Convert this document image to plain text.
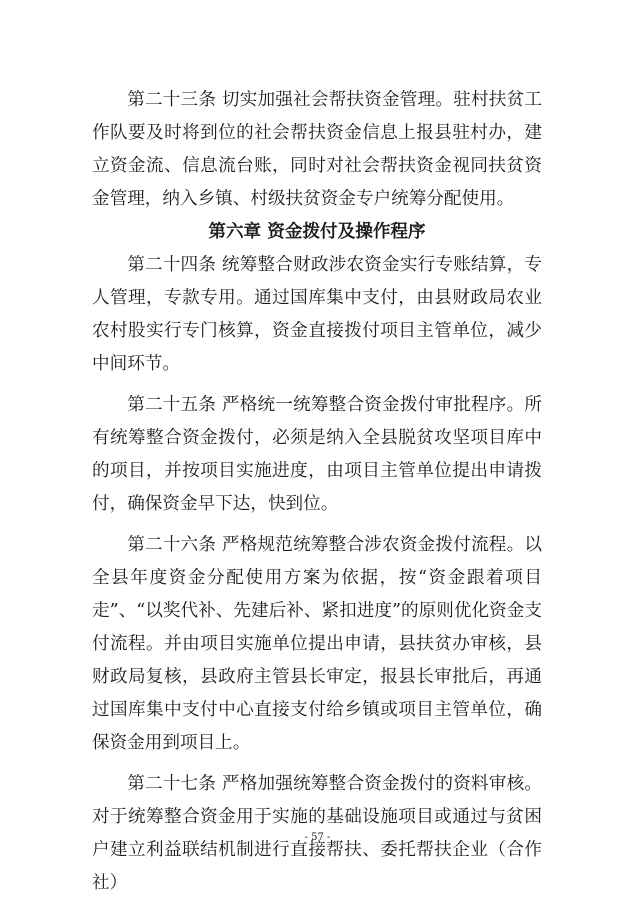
第二十三条 切实加强社会帮扶资金管理。驻村扶贫工作队要及时将到位的社会帮扶资金信息上报县驻村办，建立资金流、信息流台账，同时对社会帮扶资金视同扶贫资金管理，纳入乡镇、村级扶贫资金专户统筹分配使用。

第六章 资金拨付及操作程序

第二十四条 统筹整合财政涉农资金实行专账结算，专人管理，专款专用。通过国库集中支付，由县财政局农业农村股实行专门核算，资金直接拨付项目主管单位，减少中间环节。

第二十五条 严格统一统筹整合资金拨付审批程序。所有统筹整合资金拨付，必须是纳入全县脱贫攻坚项目库中的项目，并按项目实施进度，由项目主管单位提出申请拨付，确保资金早下达，快到位。

第二十六条 严格规范统筹整合涉农资金拨付流程。以全县年度资金分配使用方案为依据，按“资金跟着项目走”、“以奖代补、先建后补、紧扣进度”的原则优化资金支付流程。并由项目实施单位提出申请，县扶贫办审核，县财政局复核，县政府主管县长审定，报县长审批后，再通过国库集中支付中心直接支付给乡镇或项目主管单位，确保资金用到项目上。

第二十七条 严格加强统筹整合资金拨付的资料审核。对于统筹整合资金用于实施的基础设施项目或通过与贫困户建立利益联结机制进行直接帮扶、委托帮扶企业（合作社）

- 57 -
